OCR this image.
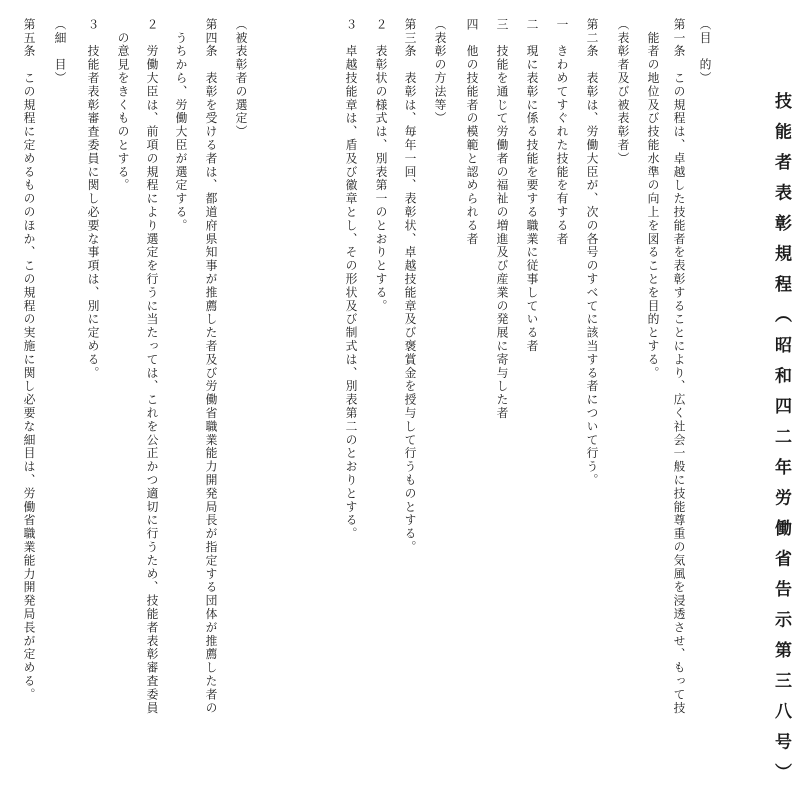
技能者表彰規程（昭和四二年労働省告示第三八号）
（目　的）
第一条　この規程は、卓越した技能者を表彰することにより、広く社会一般に技能尊重の気風を浸透させ、もって技
　能者の地位及び技能水準の向上を図ることを目的とする。
（表彰者及び被表彰者）
第二条　表彰は、労働大臣が、次の各号のすべてに該当する者について行う。
一　きわめてすぐれた技能を有する者
二　現に表彰に係る技能を要する職業に従事している者
三　技能を通じて労働者の福祉の増進及び産業の発展に寄与した者
四　他の技能者の模範と認められる者
（表彰の方法等）
第三条　表彰は、毎年一回、表彰状、卓越技能章及び褒賞金を授与して行うものとする。
２　表彰状の様式は、別表第一のとおりとする。
３　卓越技能章は、盾及び徽章とし、その形状及び制式は、別表第二のとおりとする。
（被表彰者の選定）
第四条　表彰を受ける者は、都道府県知事が推薦した者及び労働省職業能力開発局長が指定する団体が推薦した者の
　うちから、労働大臣が選定する。
２　労働大臣は、前項の規程により選定を行うに当たっては、これを公正かつ適切に行うため、技能者表彰審査委員
　の意見をきくものとする。
３　技能者表彰審査委員に関し必要な事項は、別に定める。
（細　目）
第五条　この規程に定めるもののほか、この規程の実施に関し必要な細目は、労働省職業能力開発局長が定める。
